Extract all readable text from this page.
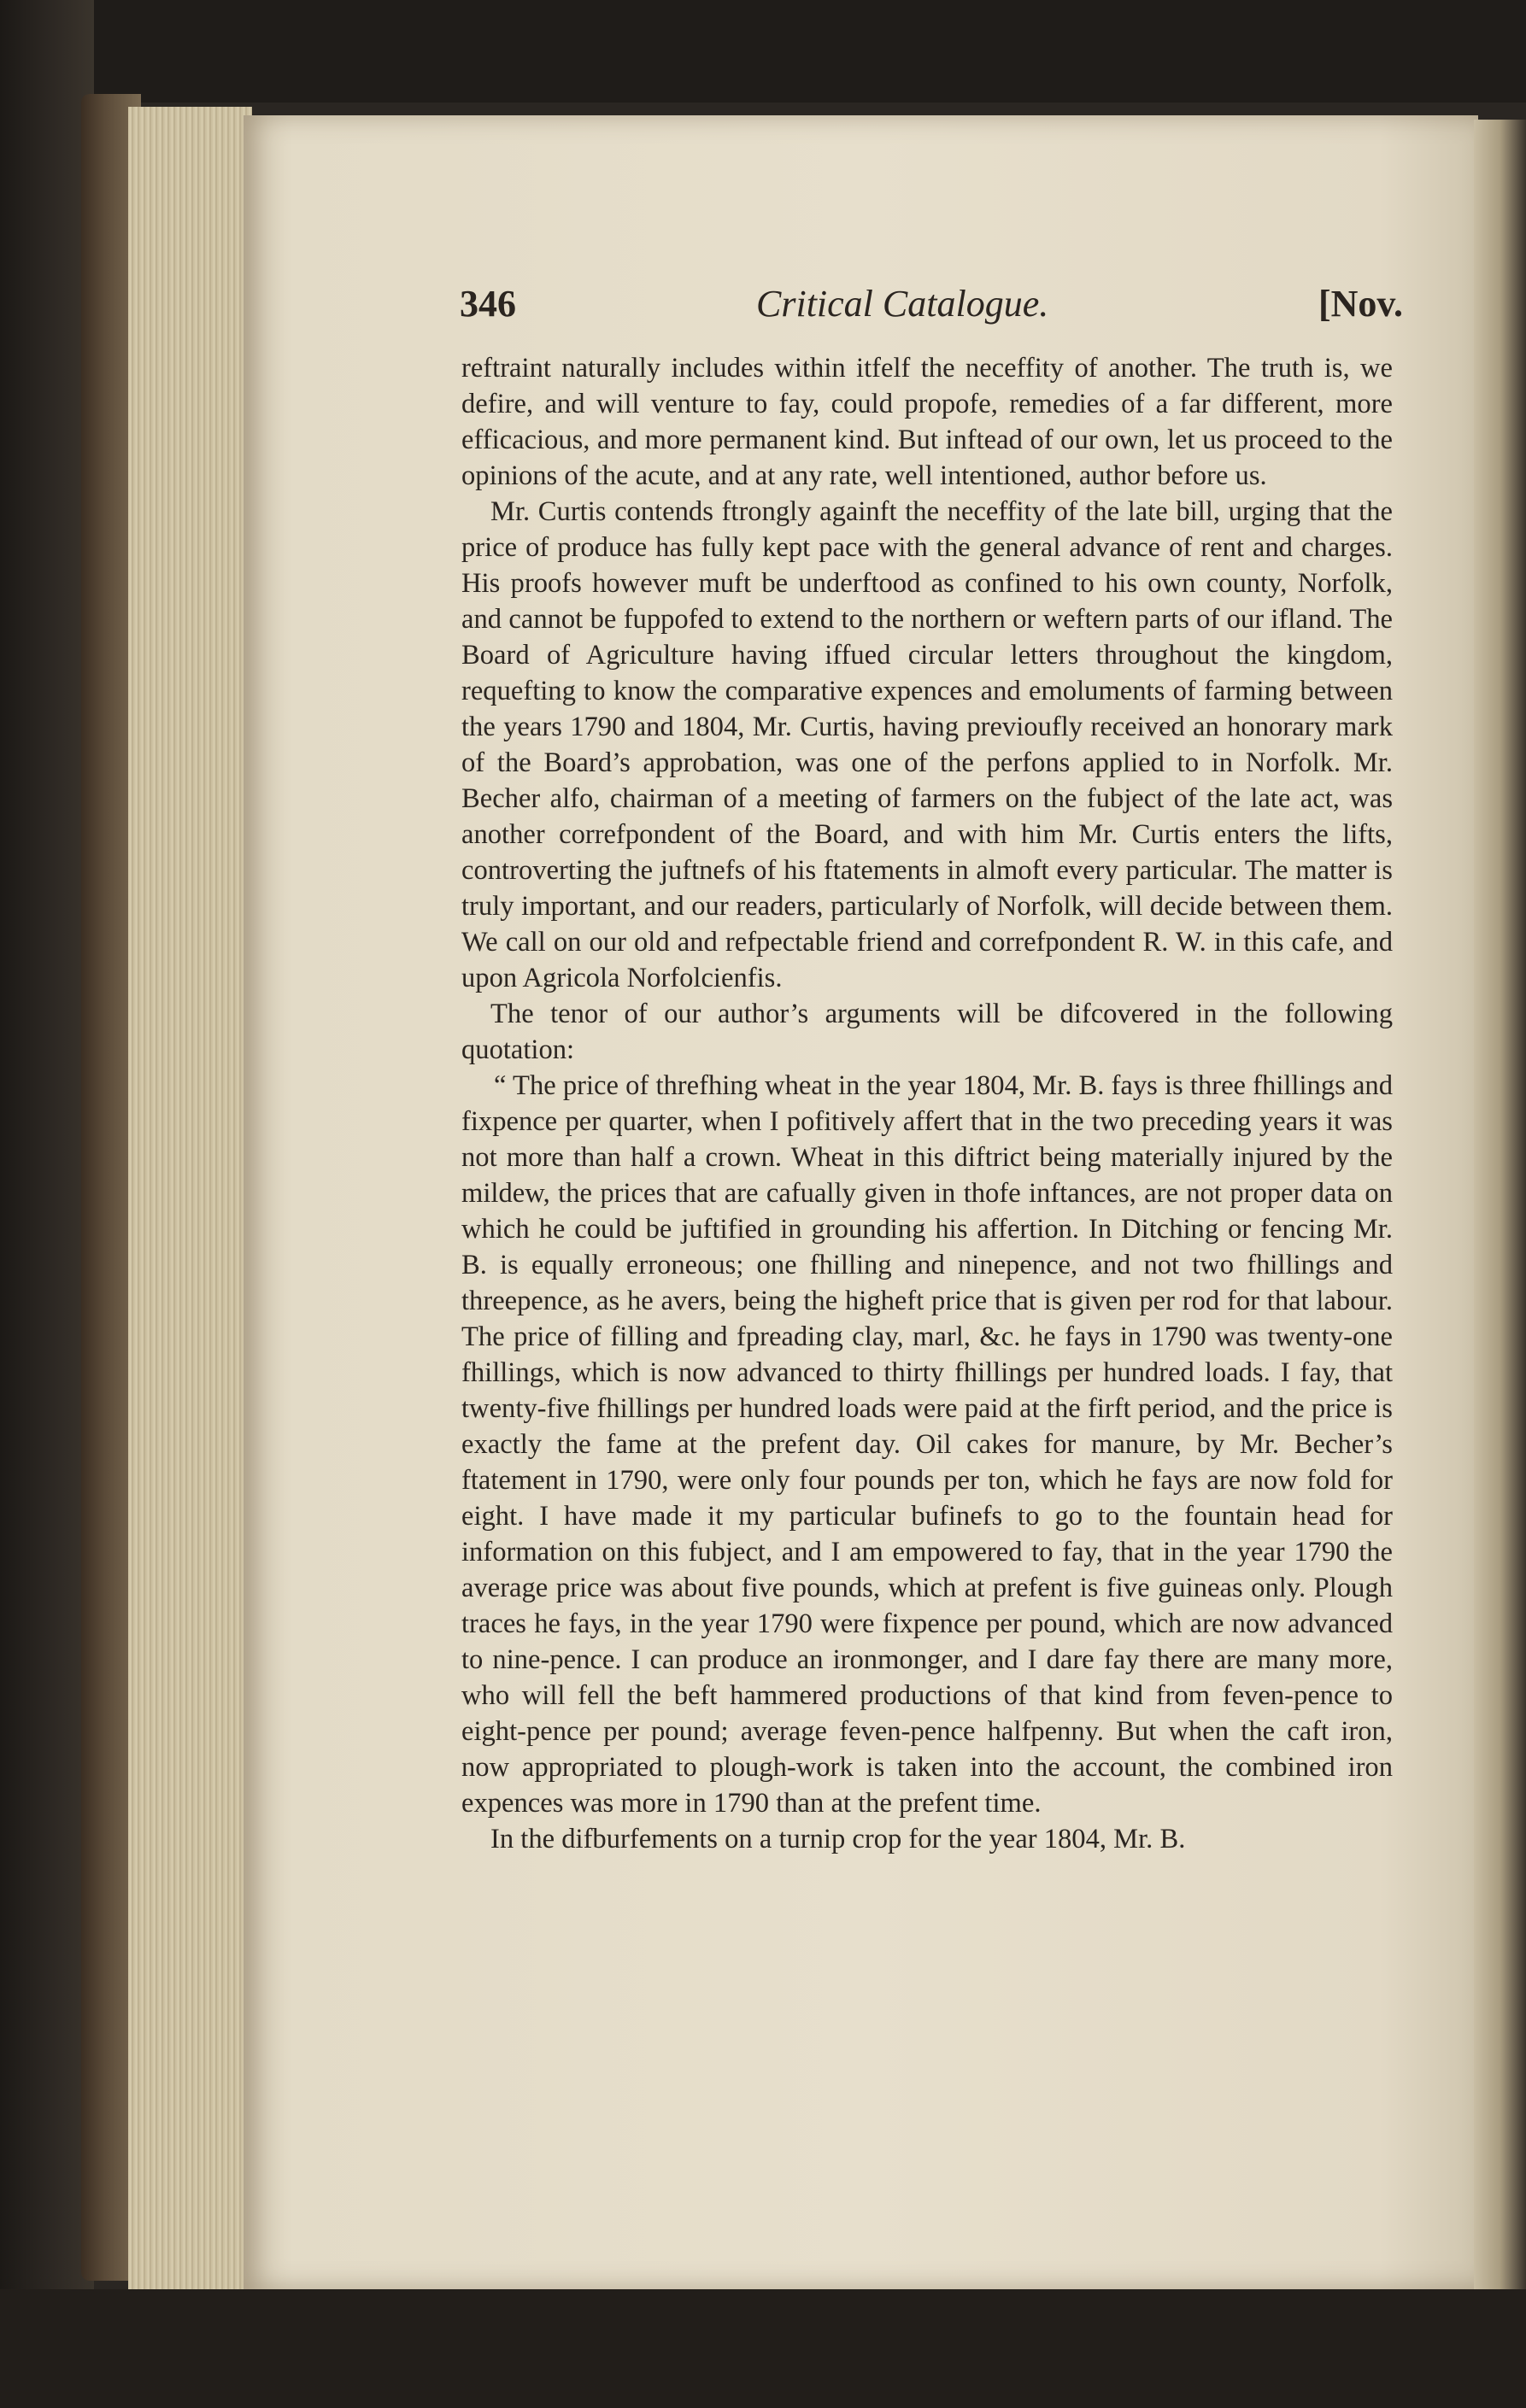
346	Critical Catalogue.	[Nov.

reftraint naturally includes within itfelf the neceffity of another. The truth is, we defire, and will venture to fay, could propofe, remedies of a far different, more efficacious, and more permanent kind. But inftead of our own, let us proceed to the opinions of the acute, and at any rate, well intentioned, author before us.

Mr. Curtis contends ftrongly againft the neceffity of the late bill, urging that the price of produce has fully kept pace with the general advance of rent and charges. His proofs however muft be underftood as confined to his own county, Norfolk, and cannot be fuppofed to extend to the northern or weftern parts of our ifland. The Board of Agriculture having iffued circular letters throughout the kingdom, requefting to know the comparative expences and emoluments of farming between the years 1790 and 1804, Mr. Curtis, having previoufly received an honorary mark of the Board’s approbation, was one of the perfons applied to in Norfolk. Mr. Becher alfo, chairman of a meeting of farmers on the fubject of the late act, was another correfpondent of the Board, and with him Mr. Curtis enters the lifts, controverting the juftnefs of his ftatements in almoft every particular. The matter is truly important, and our readers, particularly of Norfolk, will decide between them. We call on our old and refpectable friend and correfpondent R. W. in this cafe, and upon Agricola Norfolcienfis.

The tenor of our author’s arguments will be difcovered in the following quotation:

“ The price of threfhing wheat in the year 1804, Mr. B. fays is three fhillings and fixpence per quarter, when I pofitively affert that in the two preceding years it was not more than half a crown. Wheat in this diftrict being materially injured by the mildew, the prices that are cafually given in thofe inftances, are not proper data on which he could be juftified in grounding his affertion. In Ditching or fencing Mr. B. is equally erroneous; one fhilling and ninepence, and not two fhillings and threepence, as he avers, being the higheft price that is given per rod for that labour. The price of filling and fpreading clay, marl, &c. he fays in 1790 was twenty-one fhillings, which is now advanced to thirty fhillings per hundred loads. I fay, that twenty-five fhillings per hundred loads were paid at the firft period, and the price is exactly the fame at the prefent day. Oil cakes for manure, by Mr. Becher’s ftatement in 1790, were only four pounds per ton, which he fays are now fold for eight. I have made it my particular bufinefs to go to the fountain head for information on this fubject, and I am empowered to fay, that in the year 1790 the average price was about five pounds, which at prefent is five guineas only. Plough traces he fays, in the year 1790 were fixpence per pound, which are now advanced to nine-pence. I can produce an ironmonger, and I dare fay there are many more, who will fell the beft hammered productions of that kind from feven-pence to eight-pence per pound; average feven-pence halfpenny. But when the caft iron, now appropriated to plough-work is taken into the account, the combined iron expences was more in 1790 than at the prefent time.

In the difburfements on a turnip crop for the year 1804, Mr. B.
